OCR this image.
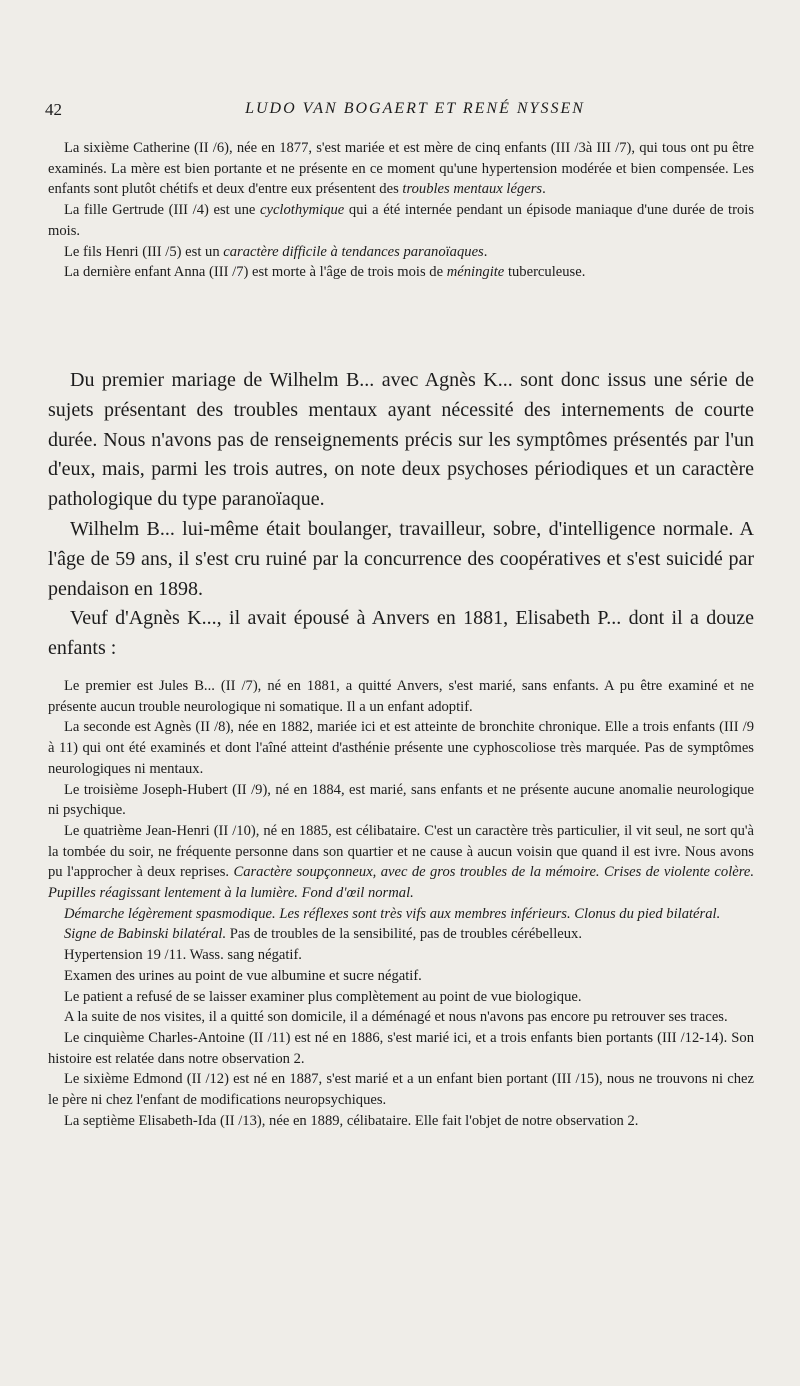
42	LUDO VAN BOGAERT ET RENÉ NYSSEN

La sixième Catherine (II /6), née en 1877, s'est mariée et est mère de cinq enfants (III /3à III /7), qui tous ont pu être examinés. La mère est bien portante et ne présente en ce moment qu'une hypertension modérée et bien compensée. Les enfants sont plutôt chétifs et deux d'entre eux présentent des troubles mentaux légers.

La fille Gertrude (III /4) est une cyclothymique qui a été internée pendant un épisode maniaque d'une durée de trois mois.

Le fils Henri (III /5) est un caractère difficile à tendances paranoïaques.

La dernière enfant Anna (III /7) est morte à l'âge de trois mois de méningite tuberculeuse.

Du premier mariage de Wilhelm B... avec Agnès K... sont donc issus une série de sujets présentant des troubles mentaux ayant nécessité des internements de courte durée. Nous n'avons pas de renseignements précis sur les symptômes présentés par l'un d'eux, mais, parmi les trois autres, on note deux psychoses périodiques et un caractère pathologique du type paranoïaque.

Wilhelm B... lui-même était boulanger, travailleur, sobre, d'intelligence normale. A l'âge de 59 ans, il s'est cru ruiné par la concurrence des coopératives et s'est suicidé par pendaison en 1898.

Veuf d'Agnès K..., il avait épousé à Anvers en 1881, Elisabeth P... dont il a douze enfants :

Le premier est Jules B... (II /7), né en 1881, a quitté Anvers, s'est marié, sans enfants. A pu être examiné et ne présente aucun trouble neurologique ni somatique. Il a un enfant adoptif.

La seconde est Agnès (II /8), née en 1882, mariée ici et est atteinte de bronchite chronique. Elle a trois enfants (III /9 à 11) qui ont été examinés et dont l'aîné atteint d'asthénie présente une cyphoscoliose très marquée. Pas de symptômes neurologiques ni mentaux.

Le troisième Joseph-Hubert (II /9), né en 1884, est marié, sans enfants et ne présente aucune anomalie neurologique ni psychique.

Le quatrième Jean-Henri (II /10), né en 1885, est célibataire. C'est un caractère très particulier, il vit seul, ne sort qu'à la tombée du soir, ne fréquente personne dans son quartier et ne cause à aucun voisin que quand il est ivre. Nous avons pu l'approcher à deux reprises. Caractère soupçonneux, avec de gros troubles de la mémoire. Crises de violente colère. Pupilles réagissant lentement à la lumière. Fond d'œil normal.

Démarche légèrement spasmodique. Les réflexes sont très vifs aux membres inférieurs. Clonus du pied bilatéral.

Signe de Babinski bilatéral. Pas de troubles de la sensibilité, pas de troubles cérébelleux.

Hypertension 19 /11. Wass. sang négatif.

Examen des urines au point de vue albumine et sucre négatif.

Le patient a refusé de se laisser examiner plus complètement au point de vue biologique.

A la suite de nos visites, il a quitté son domicile, il a déménagé et nous n'avons pas encore pu retrouver ses traces.

Le cinquième Charles-Antoine (II /11) est né en 1886, s'est marié ici, et a trois enfants bien portants (III /12-14). Son histoire est relatée dans notre observation 2.

Le sixième Edmond (II /12) est né en 1887, s'est marié et a un enfant bien portant (III /15), nous ne trouvons ni chez le père ni chez l'enfant de modifications neuropsychiques.

La septième Elisabeth-Ida (II /13), née en 1889, célibataire. Elle fait l'objet de notre observation 2.
